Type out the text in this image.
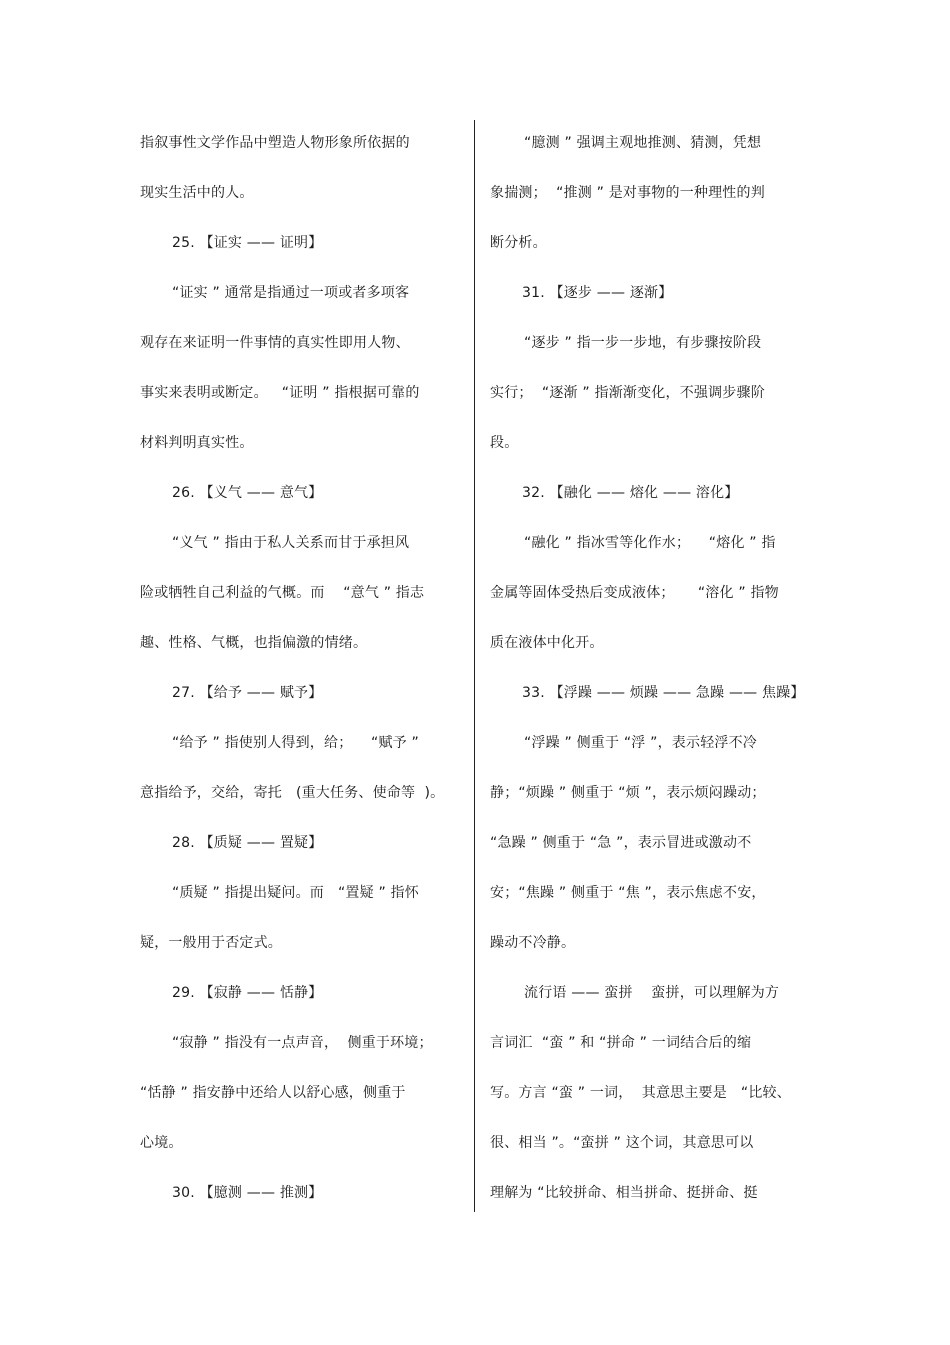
指叙事性文学作品中塑造人物形象所依据的
现实生活中的人。
25. 【证实 —— 证明】
“证实 ” 通常是指通过一项或者多项客
观存在来证明一件事情的真实性即用人物、
事实来表明或断定。   “证明 ” 指根据可靠的
材料判明真实性。
26. 【义气 —— 意气】
“义气 ” 指由于私人关系而甘于承担风
险或牺牲自己利益的气概。而    “意气 ” 指志
趣、性格、气概，也指偏激的情绪。
27. 【给予 —— 赋予】
“给予 ” 指使别人得到，给；    “赋予 ”
意指给予，交给，寄托   (重大任务、使命等  )。
28. 【质疑 —— 置疑】
“质疑 ” 指提出疑问。而   “置疑 ” 指怀
疑，一般用于否定式。
29. 【寂静 —— 恬静】
“寂静 ” 指没有一点声音，  侧重于环境；
“恬静 ” 指安静中还给人以舒心感，侧重于
心境。
30. 【臆测 —— 推测】
“臆测 ” 强调主观地推测、猜测，凭想
象揣测；  “推测 ” 是对事物的一种理性的判
断分析。
31. 【逐步 —— 逐渐】
“逐步 ” 指一步一步地，有步骤按阶段
实行；  “逐渐 ” 指渐渐变化，不强调步骤阶
段。
32. 【融化 —— 熔化 —— 溶化】
“融化 ” 指冰雪等化作水；    “熔化 ” 指
金属等固体受热后变成液体；     “溶化 ” 指物
质在液体中化开。
33. 【浮躁 —— 烦躁 —— 急躁 —— 焦躁】
“浮躁 ” 侧重于 “浮 ”，表示轻浮不冷
静；“烦躁 ” 侧重于 “烦 ”，表示烦闷躁动；
“急躁 ” 侧重于 “急 ”，表示冒进或激动不
安；“焦躁 ” 侧重于 “焦 ”，表示焦虑不安，
躁动不冷静。
流行语 —— 蛮拼    蛮拼，可以理解为方
言词汇  “蛮 ” 和 “拼命 ” 一词结合后的缩
写。方言 “蛮 ” 一词，  其意思主要是   “比较、
很、相当 ”。“蛮拼 ” 这个词，其意思可以
理解为 “比较拼命、相当拼命、挺拼命、挺
